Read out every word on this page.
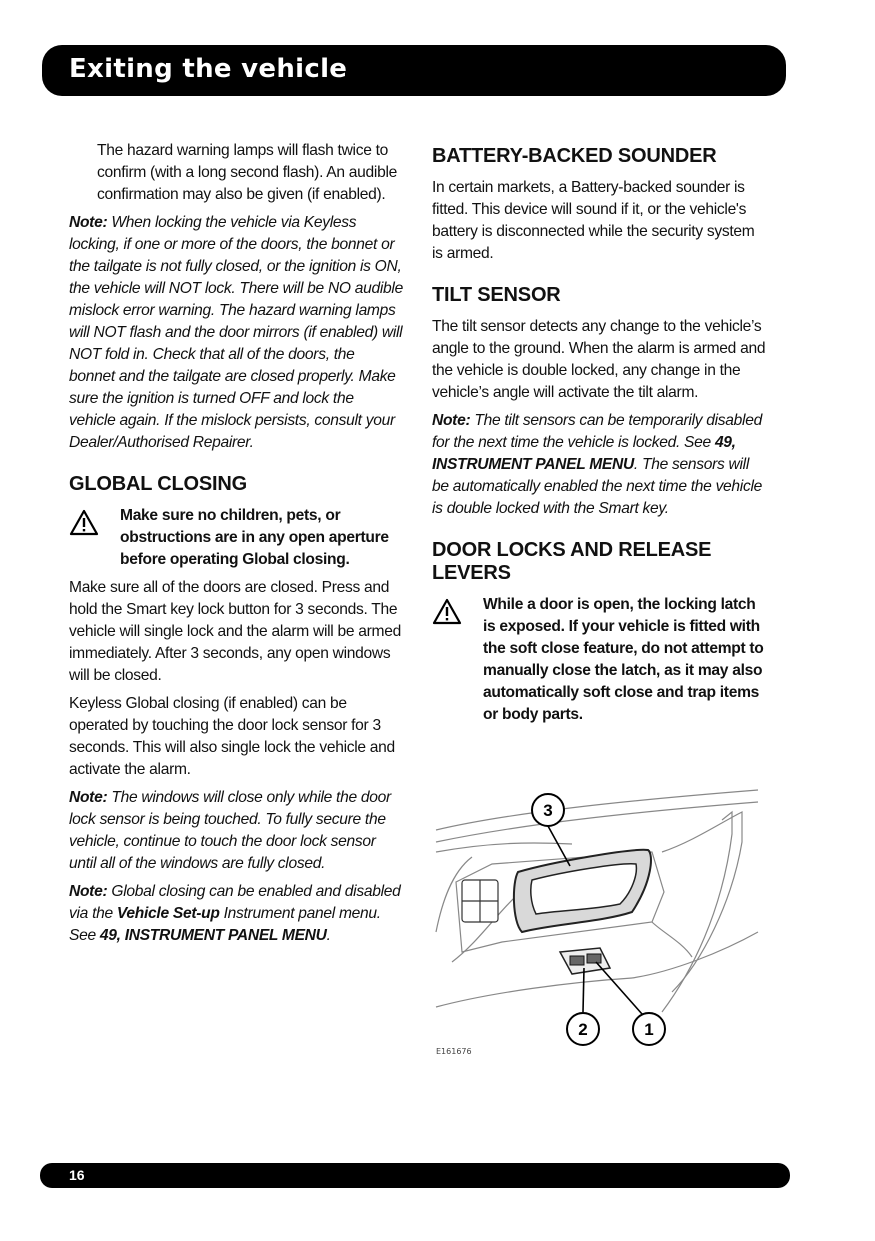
Exiting the vehicle

The hazard warning lamps will flash twice to confirm (with a long second flash). An audible confirmation may also be given (if enabled).

Note: When locking the vehicle via Keyless locking, if one or more of the doors, the bonnet or the tailgate is not fully closed, or the ignition is ON, the vehicle will NOT lock. There will be NO audible mislock error warning. The hazard warning lamps will NOT flash and the door mirrors (if enabled) will NOT fold in. Check that all of the doors, the bonnet and the tailgate are closed properly. Make sure the ignition is turned OFF and lock the vehicle again. If the mislock persists, consult your Dealer/Authorised Repairer.

GLOBAL CLOSING

Make sure no children, pets, or obstructions are in any open aperture before operating Global closing.

Make sure all of the doors are closed. Press and hold the Smart key lock button for 3 seconds. The vehicle will single lock and the alarm will be armed immediately. After 3 seconds, any open windows will be closed.

Keyless Global closing (if enabled) can be operated by touching the door lock sensor for 3 seconds. This will also single lock the vehicle and activate the alarm.

Note: The windows will close only while the door lock sensor is being touched. To fully secure the vehicle, continue to touch the door lock sensor until all of the windows are fully closed.

Note: Global closing can be enabled and disabled via the Vehicle Set-up Instrument panel menu. See 49, INSTRUMENT PANEL MENU.

BATTERY-BACKED SOUNDER

In certain markets, a Battery-backed sounder is fitted. This device will sound if it, or the vehicle's battery is disconnected while the security system is armed.

TILT SENSOR

The tilt sensor detects any change to the vehicle’s angle to the ground. When the alarm is armed and the vehicle is double locked, any change in the vehicle’s angle will activate the tilt alarm.

Note: The tilt sensors can be temporarily disabled for the next time the vehicle is locked. See 49, INSTRUMENT PANEL MENU. The sensors will be automatically enabled the next time the vehicle is double locked with the Smart key.

DOOR LOCKS AND RELEASE LEVERS

While a door is open, the locking latch is exposed. If your vehicle is fitted with the soft close feature, do not attempt to manually close the latch, as it may also automatically soft close and trap items or body parts.

3
2	1
E161676
16
